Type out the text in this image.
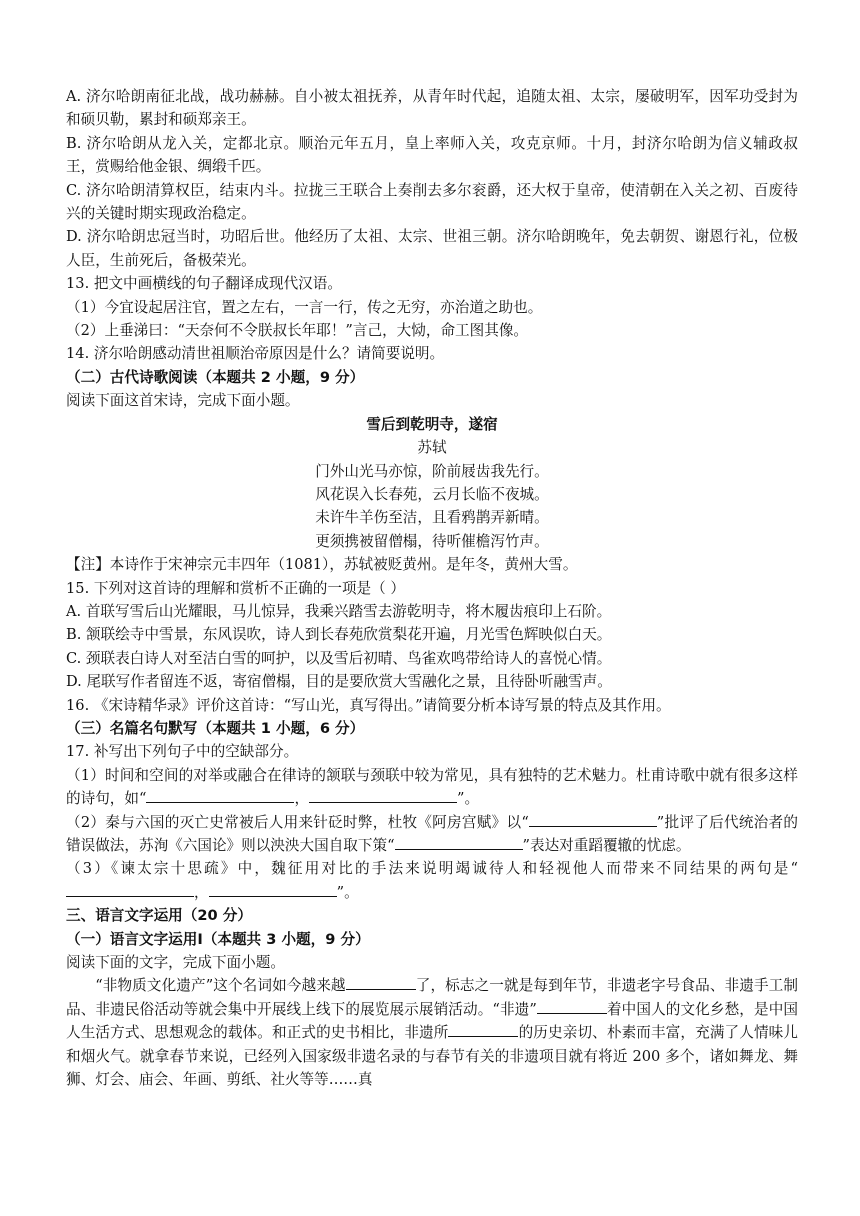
A. 济尔哈朗南征北战，战功赫赫。自小被太祖抚养，从青年时代起，追随太祖、太宗，屡破明军，因军功受封为和硕贝勒，累封和硕郑亲王。

B. 济尔哈朗从龙入关，定都北京。顺治元年五月，皇上率师入关，攻克京师。十月，封济尔哈朗为信义辅政叔王，赏赐给他金银、绸缎千匹。

C. 济尔哈朗清算权臣，结束内斗。拉拢三王联合上奏削去多尔衮爵，还大权于皇帝，使清朝在入关之初、百废待兴的关键时期实现政治稳定。

D. 济尔哈朗忠冠当时，功昭后世。他经历了太祖、太宗、世祖三朝。济尔哈朗晚年，免去朝贺、谢恩行礼，位极人臣，生前死后，备极荣光。

13. 把文中画横线的句子翻译成现代汉语。

（1）今宜设起居注官，置之左右，一言一行，传之无穷，亦治道之助也。

（2）上垂涕曰：“天奈何不令朕叔长年耶！”言己，大恸，命工图其像。

14. 济尔哈朗感动清世祖顺治帝原因是什么？请简要说明。

（二）古代诗歌阅读（本题共 2 小题，9 分）

阅读下面这首宋诗，完成下面小题。

雪后到乾明寺，遂宿

苏轼

门外山光马亦惊，阶前屐齿我先行。

风花误入长春苑，云月长临不夜城。

未许牛羊伤至洁，且看鸦鹊弄新晴。

更须携被留僧榻，待听催檐泻竹声。

【注】本诗作于宋神宗元丰四年（1081），苏轼被贬黄州。是年冬，黄州大雪。

15. 下列对这首诗的理解和赏析不正确的一项是（ ）

A. 首联写雪后山光耀眼，马儿惊异，我乘兴踏雪去游乾明寺，将木履齿痕印上石阶。

B. 颔联绘寺中雪景，东风误吹，诗人到长春苑欣赏梨花开遍，月光雪色辉映似白天。

C. 颈联表白诗人对至洁白雪的呵护，以及雪后初晴、鸟雀欢鸣带给诗人的喜悦心情。

D. 尾联写作者留连不返，寄宿僧榻，目的是要欣赏大雪融化之景，且待卧听融雪声。

16. 《宋诗精华录》评价这首诗：“写山光，真写得出。”请简要分析本诗写景的特点及其作用。

（三）名篇名句默写（本题共 1 小题，6 分）

17. 补写出下列句子中的空缺部分。

（1）时间和空间的对举或融合在律诗的颔联与颈联中较为常见，具有独特的艺术魅力。杜甫诗歌中就有很多这样的诗句，如“	，	”。

（2）秦与六国的灭亡史常被后人用来针砭时弊，杜牧《阿房宫赋》以“	”批评了后代统治者的错误做法，苏洵《六国论》则以泱泱大国自取下策“	”表达对重蹈覆辙的忧虑。

（3）《谏太宗十思疏》中，魏征用对比的手法来说明竭诚待人和轻视他人而带来不同结果的两句是“，	”。

三、语言文字运用（20 分）

（一）语言文字运用Ⅰ（本题共 3 小题，9 分）

阅读下面的文字，完成下面小题。

“非物质文化遗产”这个名词如今越来越	了，标志之一就是每到年节，非遗老字号食品、非遗手工制品、非遗民俗活动等就会集中开展线上线下的展览展示展销活动。“非遗”	着中国人的文化乡愁，是中国人生活方式、思想观念的载体。和正式的史书相比，非遗所	的历史亲切、朴素而丰富，充满了人情味儿和烟火气。就拿春节来说，已经列入国家级非遗名录的与春节有关的非遗项目就有将近 200 多个，诸如舞龙、舞狮、灯会、庙会、年画、剪纸、社火等等……真
